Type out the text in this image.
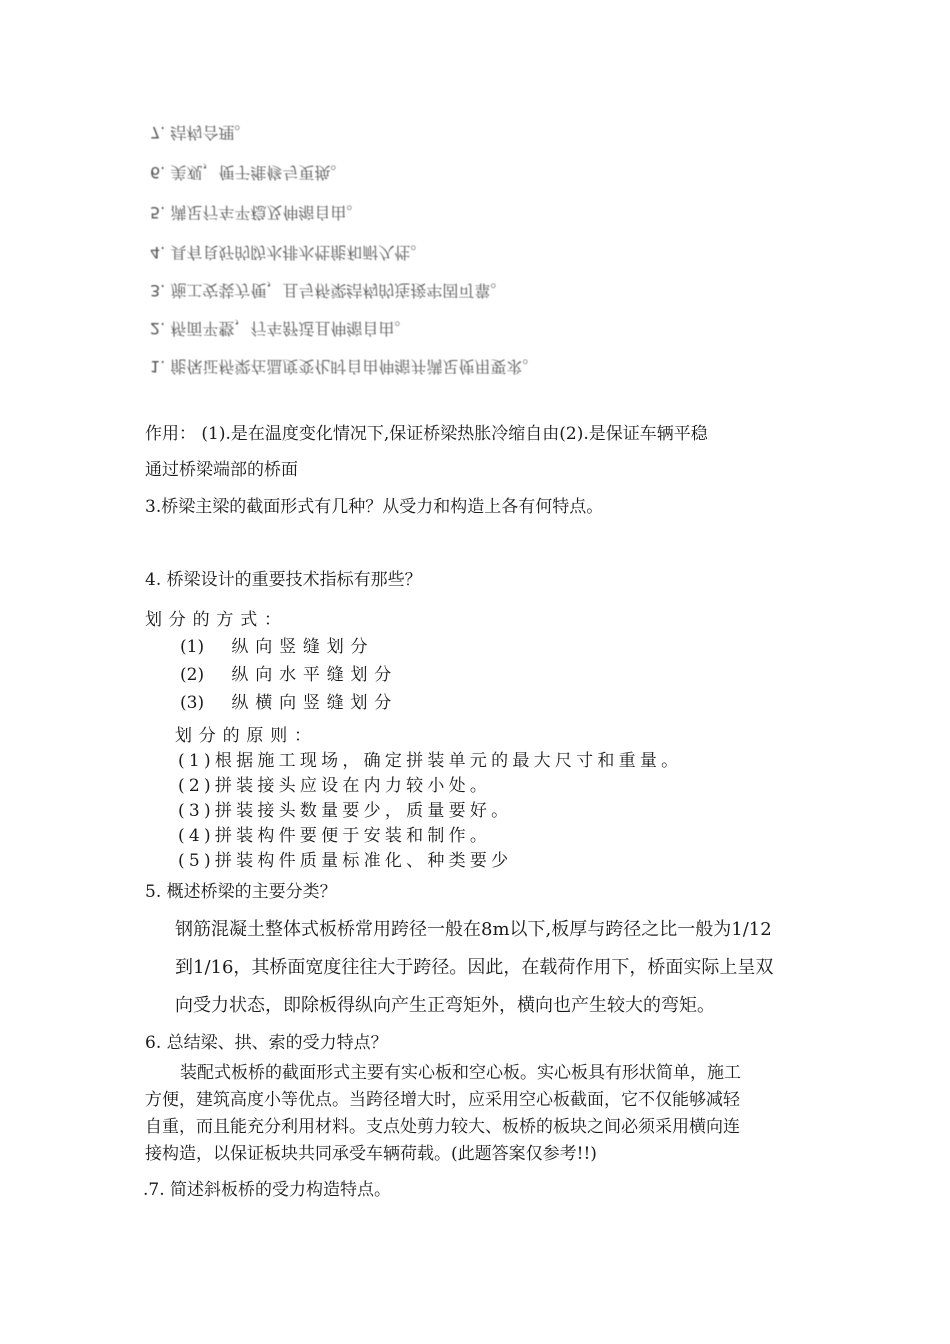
7. 结构合理。
6. 美观，便于维修与更换。
5. 满足行车平稳及伸缩自由。
4. 具有良好的防水排水性能和耐久性。
3. 施工安装方便，且与桥梁结构的连接牢固可靠。
2. 桥面平整，行车舒适且伸缩自由。
1. 能保证桥梁在温度变化时自由伸缩并满足使用要求。
作用： (1).是在温度变化情况下,保证桥梁热胀冷缩自由(2).是保证车辆平稳
通过桥梁端部的桥面
3.桥梁主梁的截面形式有几种？从受力和构造上各有何特点。
4. 桥梁设计的重要技术指标有那些？
划分的方式：
(1) 纵向竖缝划分
(2) 纵向水平缝划分
(3) 纵横向竖缝划分
划分的原则：
(1)根据施工现场，确定拼装单元的最大尺寸和重量。
(2)拼装接头应设在内力较小处。
(3)拼装接头数量要少，质量要好。
(4)拼装构件要便于安装和制作。
(5)拼装构件质量标准化、种类要少
5. 概述桥梁的主要分类？
钢筋混凝土整体式板桥常用跨径一般在8m以下,板厚与跨径之比一般为1/12
到1/16，其桥面宽度往往大于跨径。因此，在载荷作用下，桥面实际上呈双
向受力状态，即除板得纵向产生正弯矩外，横向也产生较大的弯矩。
6. 总结梁、拱、索的受力特点？
装配式板桥的截面形式主要有实心板和空心板。实心板具有形状简单，施工
方便，建筑高度小等优点。当跨径增大时，应采用空心板截面，它不仅能够减轻
自重，而且能充分利用材料。支点处剪力较大、板桥的板块之间必须采用横向连
接构造，以保证板块共同承受车辆荷载。(此题答案仅参考!!)
.7. 简述斜板桥的受力构造特点。
